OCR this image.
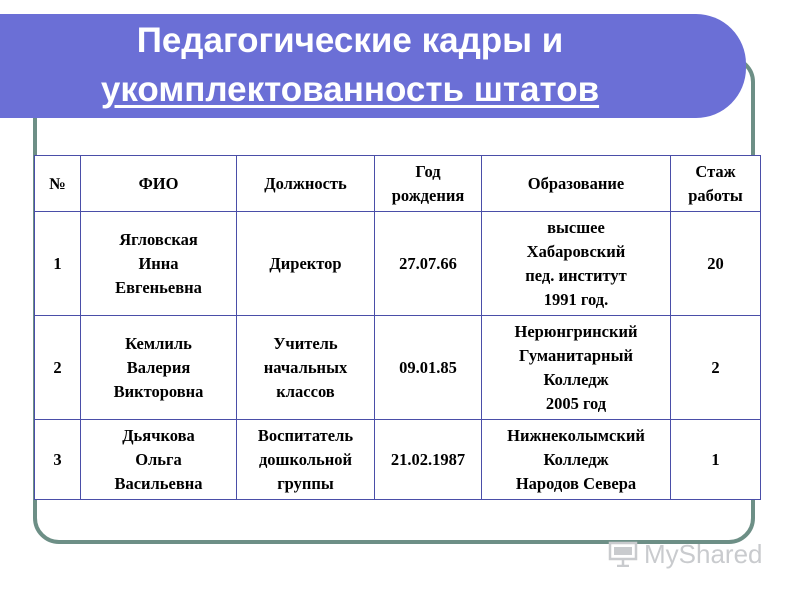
Педагогические кадры и
укомплектованность штатов
№	ФИО	Должность	Год
рождения	Образование	Стаж
работы
1	Ягловская
Инна
Евгеньевна	Директор	27.07.66	высшее
Хабаровский
пед. институт
1991 год.	20
2	Кемлиль
Валерия
Викторовна	Учитель
начальных
классов	09.01.85	Нерюнгринский
Гуманитарный
Колледж
2005 год	2
3	Дьячкова
Ольга
Васильевна	Воспитатель
дошкольной
группы	21.02.1987	Нижнеколымский
Колледж
Народов Севера	1
MyShared
